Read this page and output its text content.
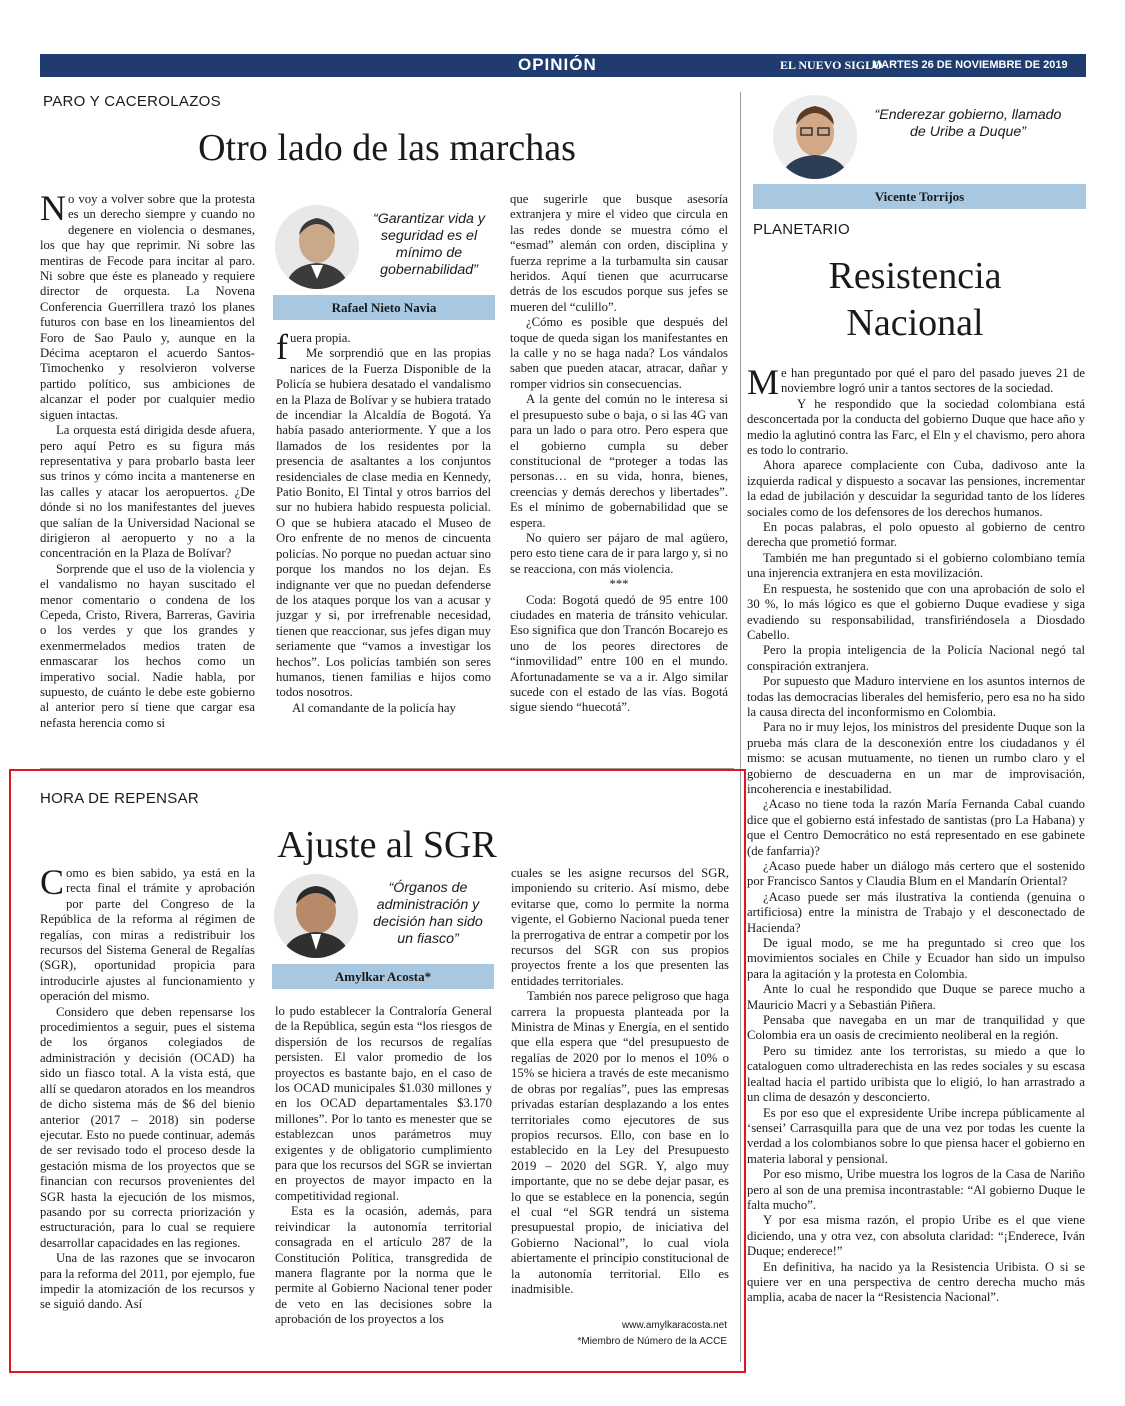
OPINIÓN	EL NUEVO SIGLO
MARTES 26 DE NOVIEMBRE DE 2019 9A
PARO Y CACEROLAZOS
Otro lado de las marchas

No voy a volver sobre que la protesta es un derecho siempre y cuando no degenere en violencia o desmanes, los que hay que reprimir. Ni sobre las mentiras de Fecode para incitar al paro. Ni sobre que éste es planeado y requiere director de orquesta. La Novena Conferencia Guerrillera trazó los planes futuros con base en los lineamientos del Foro de Sao Paulo y, aunque en la Décima aceptaron el acuerdo Santos-Timochenko y resolvieron volverse partido político, sus ambiciones de alcanzar el poder por cualquier medio siguen intactas.

La orquesta está dirigida desde afuera, pero aquí Petro es su figura más representativa y para probarlo basta leer sus trinos y cómo incita a mantenerse en las calles y atacar los aeropuertos. ¿De dónde si no los manifestantes del jueves que salían de la Universidad Nacional se dirigieron al aeropuerto y no a la concentración en la Plaza de Bolívar?

Sorprende que el uso de la violencia y el vandalismo no hayan suscitado el menor comentario o condena de los Cepeda, Cristo, Rivera, Barreras, Gaviria o los verdes y que los grandes y exenmermelados medios traten de enmascarar los hechos como un imperativo social. Nadie habla, por supuesto, de cuánto le debe este gobierno al anterior pero sí tiene que cargar esa nefasta herencia como si

“Garantizar vida y seguridad es el mínimo de gobernabilidad”
Rafael Nieto Navia

fuera propia.

Me sorprendió que en las propias narices de la Fuerza Disponible de la Policía se hubiera desatado el vandalismo en la Plaza de Bolívar y se hubiera tratado de incendiar la Alcaldía de Bogotá. Ya había pasado anteriormente. Y que a los llamados de los residentes por la presencia de asaltantes a los conjuntos residenciales de clase media en Kennedy, Patio Bonito, El Tintal y otros barrios del sur no hubiera habido respuesta policial. O que se hubiera atacado el Museo de Oro enfrente de no menos de cincuenta policías. No porque no puedan actuar sino porque los mandos no los dejan. Es indignante ver que no puedan defenderse de los ataques porque los van a acusar y juzgar y si, por irrefrenable necesidad, tienen que reaccionar, sus jefes digan muy seriamente que “vamos a investigar los hechos”. Los policías también son seres humanos, tienen familias e hijos como todos nosotros.

Al comandante de la policía hay

que sugerirle que busque asesoría extranjera y mire el video que circula en las redes donde se muestra cómo el “esmad” alemán con orden, disciplina y fuerza reprime a la turbamulta sin causar heridos. Aquí tienen que acurrucarse detrás de los escudos porque sus jefes se mueren del “culillo”.

¿Cómo es posible que después del toque de queda sigan los manifestantes en la calle y no se haga nada? Los vándalos saben que pueden atacar, atracar, dañar y romper vidrios sin consecuencias.

A la gente del común no le interesa si el presupuesto sube o baja, o si las 4G van para un lado o para otro. Pero espera que el gobierno cumpla su deber constitucional de “proteger a todas las personas… en su vida, honra, bienes, creencias y demás derechos y libertades”. Es el mínimo de gobernabilidad que se espera.

No quiero ser pájaro de mal agüero, pero esto tiene cara de ir para largo y, si no se reacciona, con más violencia.

***

Coda: Bogotá quedó de 95 entre 100 ciudades en materia de tránsito vehicular. Eso significa que don Trancón Bocarejo es uno de los peores directores de “inmovilidad” entre 100 en el mundo. Afortunadamente se va a ir. Algo similar sucede con el estado de las vías. Bogotá sigue siendo “huecotá”.

“Enderezar gobierno, llamado de Uribe a Duque”
Vicente Torrijos
PLANETARIO
Resistencia Nacional

Me han preguntado por qué el paro del pasado jueves 21 de noviembre logró unir a tantos sectores de la sociedad.

Y he respondido que la sociedad colombiana está desconcertada por la conducta del gobierno Duque que hace año y medio la aglutinó contra las Farc, el Eln y el chavismo, pero ahora es todo lo contrario.

Ahora aparece complaciente con Cuba, dadivoso ante la izquierda radical y dispuesto a socavar las pensiones, incrementar la edad de jubilación y descuidar la seguridad tanto de los líderes sociales como de los defensores de los derechos humanos.

En pocas palabras, el polo opuesto al gobierno de centro derecha que prometió formar.

También me han preguntado si el gobierno colombiano temía una injerencia extranjera en esta movilización.

En respuesta, he sostenido que con una aprobación de solo el 30 %, lo más lógico es que el gobierno Duque evadiese y siga evadiendo su responsabilidad, transfiriéndosela a Diosdado Cabello.

Pero la propia inteligencia de la Policía Nacional negó tal conspiración extranjera.

Por supuesto que Maduro interviene en los asuntos internos de todas las democracias liberales del hemisferio, pero esa no ha sido la causa directa del inconformismo en Colombia.

Para no ir muy lejos, los ministros del presidente Duque son la prueba más clara de la desconexión entre los ciudadanos y él mismo: se acusan mutuamente, no tienen un rumbo claro y el gobierno de descuaderna en un mar de improvisación, incoherencia e inestabilidad.

¿Acaso no tiene toda la razón María Fernanda Cabal cuando dice que el gobierno está infestado de santistas (pro La Habana) y que el Centro Democrático no está representado en ese gabinete (de fanfarria)?

¿Acaso puede haber un diálogo más certero que el sostenido por Francisco Santos y Claudia Blum en el Mandarín Oriental?

¿Acaso puede ser más ilustrativa la contienda (genuina o artificiosa) entre la ministra de Trabajo y el desconectado de Hacienda?

De igual modo, se me ha preguntado si creo que los movimientos sociales en Chile y Ecuador han sido un impulso para la agitación y la protesta en Colombia.

Ante lo cual he respondido que Duque se parece mucho a Mauricio Macri y a Sebastián Piñera.

Pensaba que navegaba en un mar de tranquilidad y que Colombia era un oasis de crecimiento neoliberal en la región.

Pero su timidez ante los terroristas, su miedo a que lo cataloguen como ultraderechista en las redes sociales y su escasa lealtad hacia el partido uribista que lo eligió, lo han arrastrado a un clima de desazón y desconcierto.

Es por eso que el expresidente Uribe increpa públicamente al ‘sensei’ Carrasquilla para que de una vez por todas les cuente la verdad a los colombianos sobre lo que piensa hacer el gobierno en materia laboral y pensional.

Por eso mismo, Uribe muestra los logros de la Casa de Nariño pero al son de una premisa incontrastable: “Al gobierno Duque le falta mucho”.

Y por esa misma razón, el propio Uribe es el que viene diciendo, una y otra vez, con absoluta claridad: “¡Enderece, Iván Duque; enderece!”

En definitiva, ha nacido ya la Resistencia Uribista. O si se quiere ver en una perspectiva de centro derecha mucho más amplia, acaba de nacer la “Resistencia Nacional”.

HORA DE REPENSAR
Ajuste al SGR

Como es bien sabido, ya está en la recta final el trámite y aprobación por parte del Congreso de la República de la reforma al régimen de regalías, con miras a redistribuir los recursos del Sistema General de Regalías (SGR), oportunidad propicia para introducirle ajustes al funcionamiento y operación del mismo.

Considero que deben repensarse los procedimientos a seguir, pues el sistema de los órganos colegiados de administración y decisión (OCAD) ha sido un fiasco total. A la vista está, que allí se quedaron atorados en los meandros de dicho sistema más de $6 del bienio anterior (2017 – 2018) sin poderse ejecutar. Esto no puede continuar, además de ser revisado todo el proceso desde la gestación misma de los proyectos que se financian con recursos provenientes del SGR hasta la ejecución de los mismos, pasando por su correcta priorización y estructuración, para lo cual se requiere desarrollar capacidades en las regiones.

Una de las razones que se invocaron para la reforma del 2011, por ejemplo, fue impedir la atomización de los recursos y se siguió dando. Así

“Órganos de administración y decisión han sido un fiasco”
Amylkar Acosta*

lo pudo establecer la Contraloría General de la República, según esta “los riesgos de dispersión de los recursos de regalías persisten. El valor promedio de los proyectos es bastante bajo, en el caso de los OCAD municipales $1.030 millones y en los OCAD departamentales $3.170 millones”. Por lo tanto es menester que se establezcan unos parámetros muy exigentes y de obligatorio cumplimiento para que los recursos del SGR se inviertan en proyectos de mayor impacto en la competitividad regional.

Esta es la ocasión, además, para reivindicar la autonomía territorial consagrada en el artículo 287 de la Constitución Política, transgredida de manera flagrante por la norma que le permite al Gobierno Nacional tener poder de veto en las decisiones sobre la aprobación de los proyectos a los

cuales se les asigne recursos del SGR, imponiendo su criterio. Así mismo, debe evitarse que, como lo permite la norma vigente, el Gobierno Nacional pueda tener la prerrogativa de entrar a competir por los recursos del SGR con sus propios proyectos frente a los que presenten las entidades territoriales.

También nos parece peligroso que haga carrera la propuesta planteada por la Ministra de Minas y Energía, en el sentido que ella espera que “del presupuesto de regalías de 2020 por lo menos el 10% o 15% se hiciera a través de este mecanismo de obras por regalías”, pues las empresas privadas estarían desplazando a los entes territoriales como ejecutores de sus propios recursos. Ello, con base en lo establecido en la Ley del Presupuesto 2019 – 2020 del SGR. Y, algo muy importante, que no se debe dejar pasar, es lo que se establece en la ponencia, según el cual “el SGR tendrá un sistema presupuestal propio, de iniciativa del Gobierno Nacional”, lo cual viola abiertamente el principio constitucional de la autonomía territorial. Ello es inadmisible.

www.amylkaracosta.net
*Miembro de Número de la ACCE
